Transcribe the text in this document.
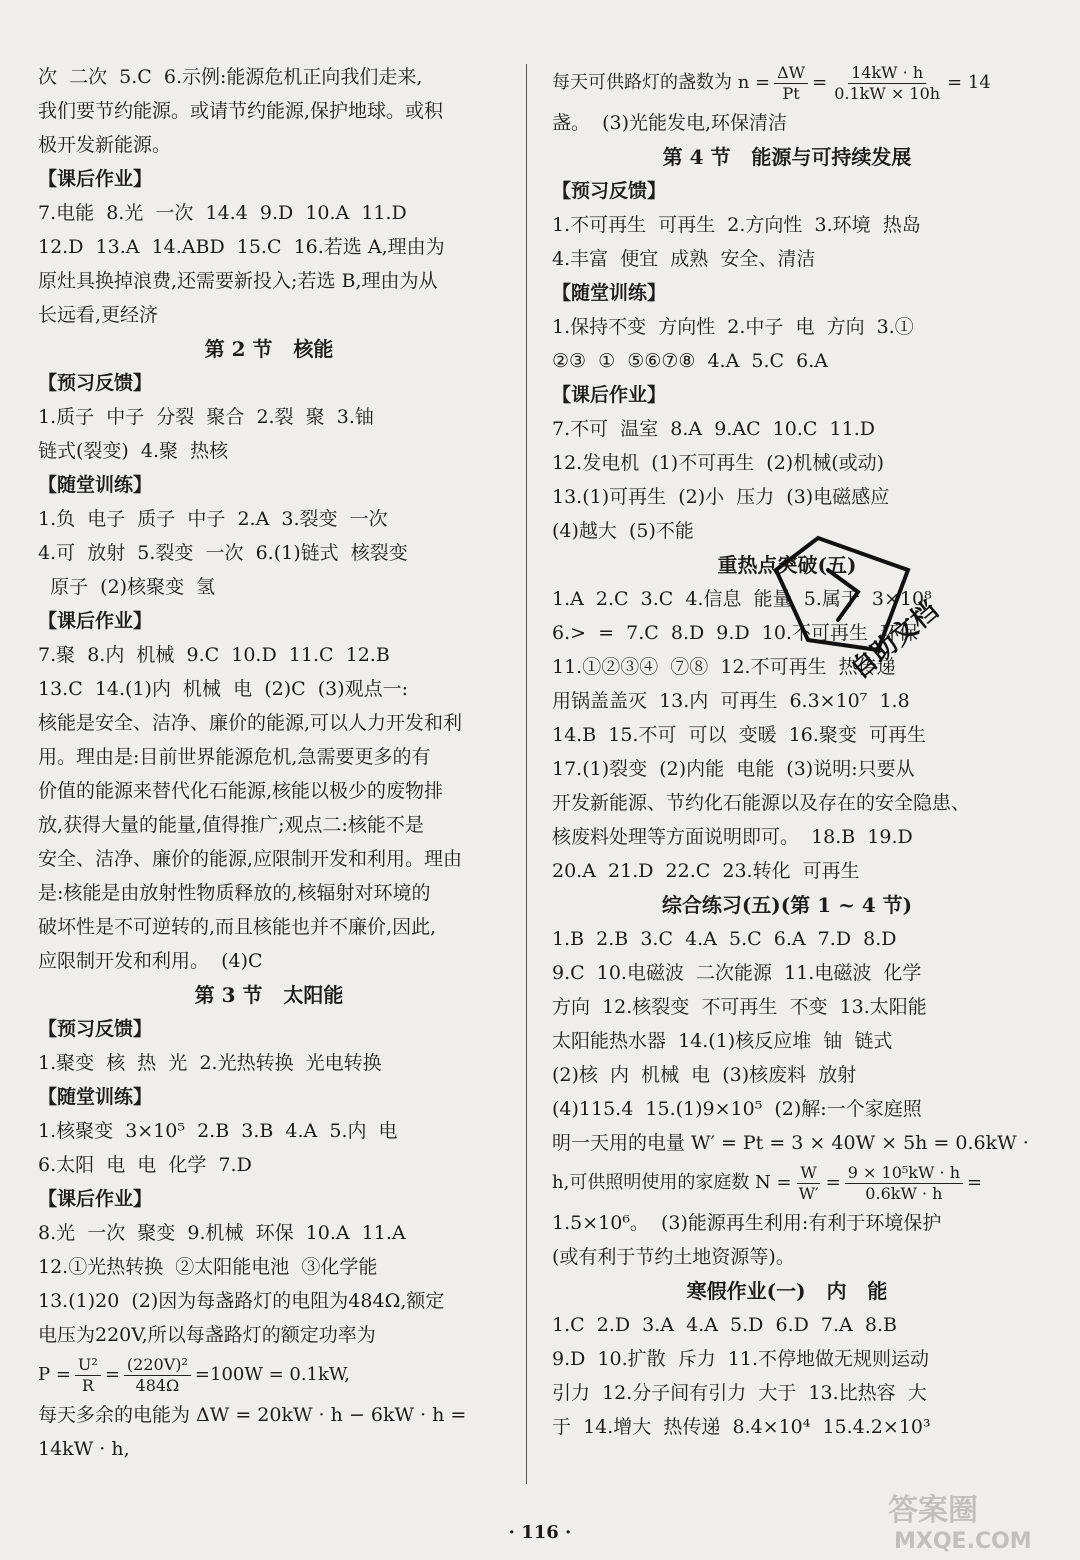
次  二次  5.C  6.示例:能源危机正向我们走来,
我们要节约能源。或请节约能源,保护地球。或积
极开发新能源。
【课后作业】
7.电能  8.光  一次  14.4  9.D  10.A  11.D
12.D  13.A  14.ABD  15.C  16.若选 A,理由为
原灶具换掉浪费,还需要新投入;若选 B,理由为从
长远看,更经济
第 2 节   核能
【预习反馈】
1.质子  中子  分裂  聚合  2.裂  聚  3.铀
链式(裂变)  4.聚  热核
【随堂训练】
1.负  电子  质子  中子  2.A  3.裂变  一次
4.可  放射  5.裂变  一次  6.(1)链式  核裂变
原子  (2)核聚变  氢
【课后作业】
7.聚  8.内  机械  9.C  10.D  11.C  12.B
13.C  14.(1)内  机械  电  (2)C  (3)观点一:
核能是安全、洁净、廉价的能源,可以人力开发和利
用。理由是:目前世界能源危机,急需要更多的有
价值的能源来替代化石能源,核能以极少的废物排
放,获得大量的能量,值得推广;观点二:核能不是
安全、洁净、廉价的能源,应限制开发和利用。理由
是:核能是由放射性物质释放的,核辐射对环境的
破坏性是不可逆转的,而且核能也并不廉价,因此,
应限制开发和利用。  (4)C
第 3 节   太阳能
【预习反馈】
1.聚变  核  热  光  2.光热转换  光电转换
【随堂训练】
1.核聚变  3×10⁵  2.B  3.B  4.A  5.内  电
6.太阳  电  电  化学  7.D
【课后作业】
8.光  一次  聚变  9.机械  环保  10.A  11.A
12.①光热转换  ②太阳能电池  ③化学能
13.(1)20  (2)因为每盏路灯的电阻为484Ω,额定
电压为220V,所以每盏路灯的额定功率为
$P = \frac{\text{U²}}{R} = \frac{\text{(220V)²}}{484\Omega} =100W = 0.1kW$,
每天多余的电能为 ΔW = 20kW · h − 6kW · h =
14kW · h,
每天可供路灯的盏数为 $n = \frac{\Delta W}{Pt} = \frac{14kW \cdot h}{0.1kW \times 10h} = 14$
盏。  (3)光能发电,环保清洁
第 4 节   能源与可持续发展
【预习反馈】
1.不可再生  可再生  2.方向性  3.环境  热岛
4.丰富  便宜  成熟  安全、清洁
【随堂训练】
1.保持不变  方向性  2.中子  电  方向  3.①
②③  ①  ⑤⑥⑦⑧  4.A  5.C  6.A
【课后作业】
7.不可  温室  8.A  9.AC  10.C  11.D
12.发电机  (1)不可再生  (2)机械(或动)
13.(1)可再生  (2)小  压力  (3)电磁感应
(4)越大  (5)不能
重热点突破(五)
1.A  2.C  3.C  4.信息  能量  5.属于  3×10⁸
6.>  =  7.C  8.D  9.D  10.不可再生  环保
11.①②③④  ⑦⑧  12.不可再生  热传递
用锅盖盖灭  13.内  可再生  6.3×10⁷  1.8
14.B  15.不可  可以  变暖  16.聚变  可再生
17.(1)裂变  (2)内能  电能  (3)说明:只要从
开发新能源、节约化石能源以及存在的安全隐患、
核废料处理等方面说明即可。  18.B  19.D
20.A  21.D  22.C  23.转化  可再生
综合练习(五)(第 1 ~ 4 节)
1.B  2.B  3.C  4.A  5.C  6.A  7.D  8.D
9.C  10.电磁波  二次能源  11.电磁波  化学
方向  12.核裂变  不可再生  不变  13.太阳能
太阳能热水器  14.(1)核反应堆  铀  链式
(2)核  内  机械  电  (3)核废料  放射
(4)115.4  15.(1)9×10⁵  (2)解:一个家庭照
明一天用的电量 W′ = Pt = 3 × 40W × 5h = 0.6kW ·
h,可供照明使用的家庭数 $N = \frac{W}{W'} = \frac{\text{9 × 10⁵kW · h}}{0.6kW \cdot h}$ =
1.5×10⁶。  (3)能源再生利用:有利于环境保护
(或有利于节约土地资源等)。
寒假作业(一)   内   能
1.C  2.D  3.A  4.A  5.D  6.D  7.A  8.B
9.D  10.扩散  斥力  11.不停地做无规则运动
引力  12.分子间有引力  大于  13.比热容  大
于  14.增大  热传递  8.4×10⁴  15.4.2×10³
自助文档
答案圈
MXQE.COM
· 116 ·
